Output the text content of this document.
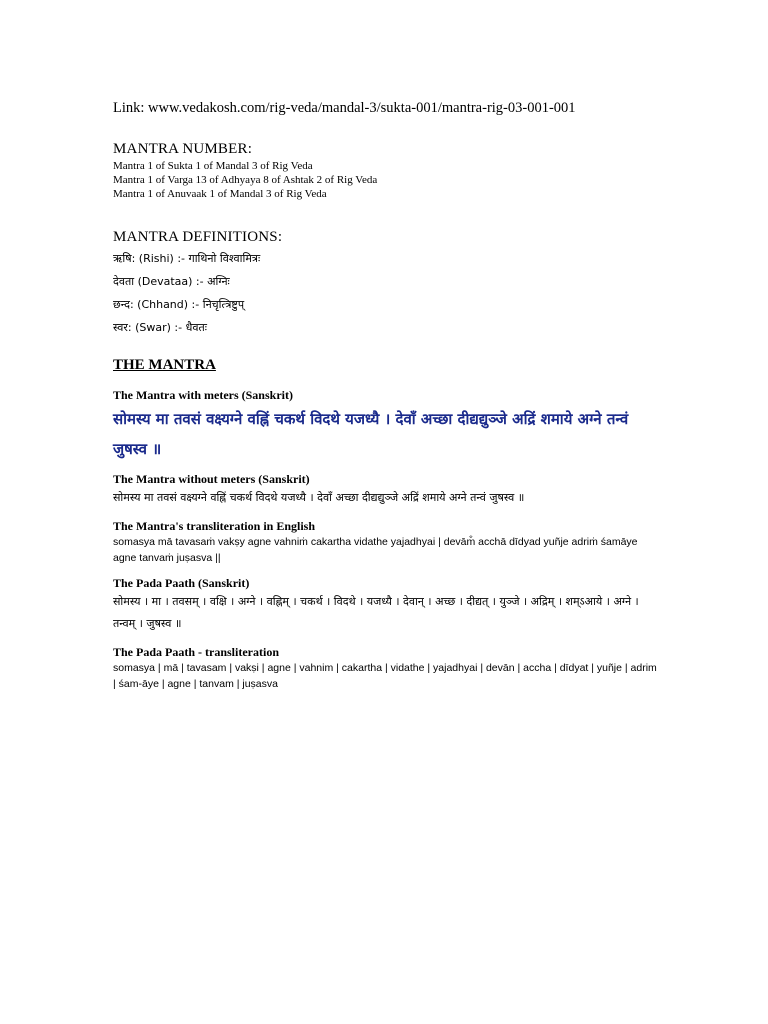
Link: www.vedakosh.com/rig-veda/mandal-3/sukta-001/mantra-rig-03-001-001

MANTRA NUMBER:

Mantra 1 of Sukta 1 of Mandal 3 of Rig Veda
Mantra 1 of Varga 13 of Adhyaya 8 of Ashtak 2 of Rig Veda
Mantra 1 of Anuvaak 1 of Mandal 3 of Rig Veda

MANTRA DEFINITIONS:

ऋषि: (Rishi) :- गाथिनो विश्वामित्रः
देवता (Devataa) :- अग्निः
छन्द: (Chhand) :- निचृत्त्रिष्टुप्
स्वर: (Swar) :- धैवतः

THE MANTRA

The Mantra with meters (Sanskrit)

सोमस्य मा तवसं वक्ष्यग्ने वह्निं चकर्थ विदथे यजध्यै । देवाँ अच्छा दीद्यद्युञ्जे अद्रिं शमाये अग्ने तन्वं जुषस्व ॥

The Mantra without meters (Sanskrit)

सोमस्य मा तवसं वक्ष्यग्ने वह्निं चकर्थ विदथे यजध्यै । देवाँ अच्छा दीद्यद्युञ्जे अद्रिं शमाये अग्ने तन्वं जुषस्व ॥

The Mantra's transliteration in English

somasya mā tavasaṁ vakṣy agne vahniṁ cakartha vidathe yajadhyai | devām̐ acchā dīdyad yuñje adriṁ śamāye agne tanvaṁ juṣasva ||

The Pada Paath (Sanskrit)

सोमस्य । मा । तवसम् । वक्षि । अग्ने । वह्निम् । चकर्थ । विदथे । यजध्यै । देवान् । अच्छ । दीद्यत् । युञ्जे । अद्रिम् । शम्ऽआये । अग्ने । तन्वम् । जुषस्व ॥

The Pada Paath - transliteration

somasya | mā | tavasam | vakṣi | agne | vahnim | cakartha | vidathe | yajadhyai | devān | accha | dīdyat | yuñje | adrim | śam-āye | agne | tanvam | juṣasva
